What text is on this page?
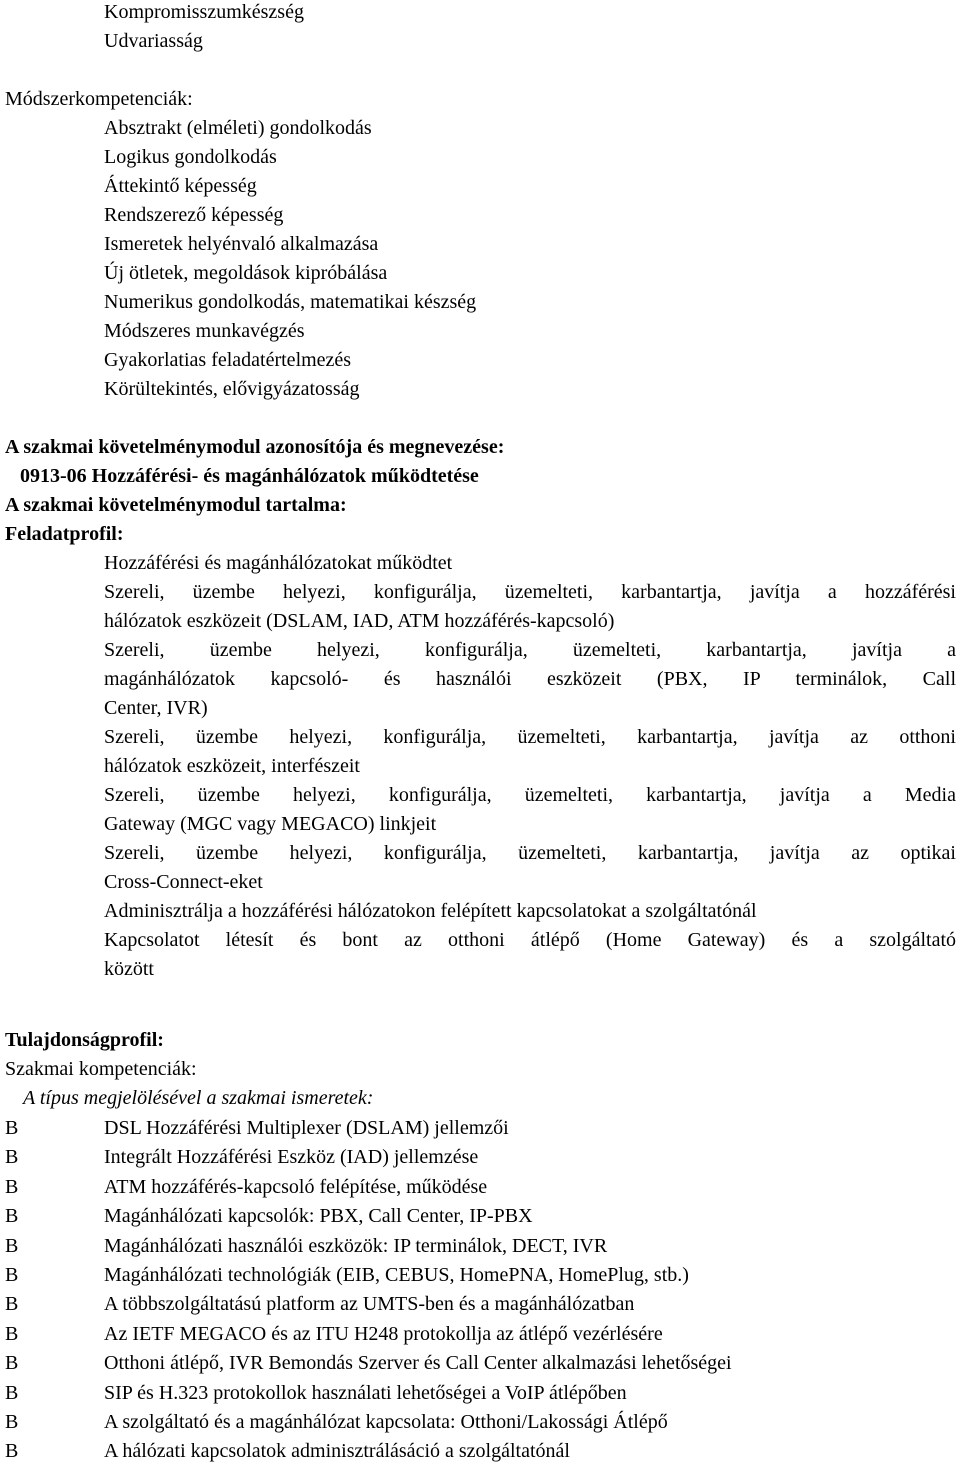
Kompromisszumkészség
Udvariasság
Módszerkompetenciák:
Absztrakt (elméleti) gondolkodás
Logikus gondolkodás
Áttekintő képesség
Rendszerező képesség
Ismeretek helyénvaló alkalmazása
Új ötletek, megoldások kipróbálása
Numerikus gondolkodás, matematikai készség
Módszeres munkavégzés
Gyakorlatias feladatértelmezés
Körültekintés, elővigyázatosság
A szakmai követelménymodul azonosítója és megnevezése:
0913-06 Hozzáférési- és magánhálózatok működtetése
A szakmai követelménymodul tartalma:
Feladatprofil:
Hozzáférési és magánhálózatokat működtet
Szereli, üzembe helyezi, konfigurálja, üzemelteti, karbantartja, javítja a hozzáférési
hálózatok eszközeit (DSLAM, IAD, ATM hozzáférés-kapcsoló)
Szereli, üzembe helyezi, konfigurálja, üzemelteti, karbantartja, javítja a
magánhálózatok kapcsoló- és használói eszközeit (PBX, IP terminálok, Call
Center, IVR)
Szereli, üzembe helyezi, konfigurálja, üzemelteti, karbantartja, javítja az otthoni
hálózatok eszközeit, interfészeit
Szereli, üzembe helyezi, konfigurálja, üzemelteti, karbantartja, javítja a Media
Gateway (MGC vagy MEGACO) linkjeit
Szereli, üzembe helyezi, konfigurálja, üzemelteti, karbantartja, javítja az optikai
Cross-Connect-eket
Adminisztrálja a hozzáférési hálózatokon felépített kapcsolatokat a szolgáltatónál
Kapcsolatot létesít és bont az otthoni átlépő (Home Gateway) és a szolgáltató
között
Tulajdonságprofil:
Szakmai kompetenciák:
A típus megjelölésével a szakmai ismeretek:
B	DSL Hozzáférési Multiplexer (DSLAM) jellemzői
B	Integrált Hozzáférési Eszköz (IAD) jellemzése
B	ATM hozzáférés-kapcsoló felépítése, működése
B	Magánhálózati kapcsolók: PBX, Call Center, IP-PBX
B	Magánhálózati használói eszközök: IP terminálok, DECT, IVR
B	Magánhálózati technológiák (EIB, CEBUS, HomePNA, HomePlug, stb.)
B	A többszolgáltatású platform az UMTS-ben és a magánhálózatban
B	Az IETF MEGACO és az ITU H248 protokollja az átlépő vezérlésére
B	Otthoni átlépő, IVR Bemondás Szerver és Call Center alkalmazási lehetőségei
B	SIP és H.323 protokollok használati lehetőségei a VoIP átlépőben
B	A szolgáltató és a magánhálózat kapcsolata: Otthoni/Lakossági Átlépő
B	A hálózati kapcsolatok adminisztrálásáció a szolgáltatónál
